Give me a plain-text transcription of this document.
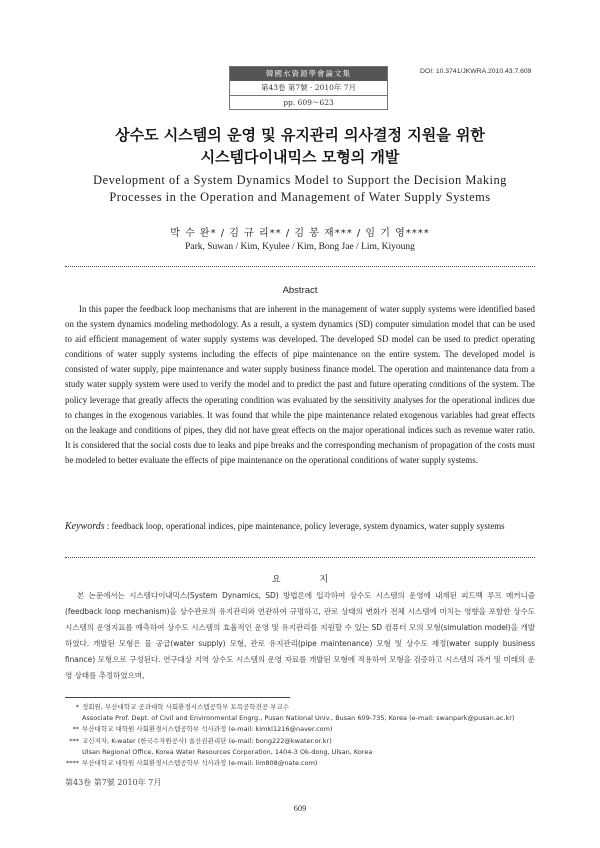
韓國水資源學會論文集
第43卷 第7號 · 2010年 7月
pp. 609～623
DOI: 10.3741/JKWRA.2010.43.7.609
상수도 시스템의 운영 및 유지관리 의사결정 지원을 위한
시스템다이내믹스 모형의 개발
Development of a System Dynamics Model to Support the Decision Making
Processes in the Operation and Management of Water Supply Systems
박 수 완* / 김 규 리** / 김 봉 재*** / 임 기 영****
Park, Suwan / Kim, Kyulee / Kim, Bong Jae / Lim, Kiyoung
Abstract

In this paper the feedback loop mechanisms that are inherent in the management of water supply systems were identified based on the system dynamics modeling methodology. As a result, a system dynamics (SD) computer simulation model that can be used to aid efficient management of water supply systems was developed. The developed SD model can be used to predict operating conditions of water supply systems including the effects of pipe maintenance on the entire system. The developed model is consisted of water supply, pipe maintenance and water supply business finance model. The operation and maintenance data from a study water supply system were used to verify the model and to predict the past and future operating conditions of the system. The policy leverage that greatly affects the operating condition was evaluated by the sensitivity analyses for the operational indices due to changes in the exogenous variables. It was found that while the pipe maintenance related exogenous variables had great effects on the leakage and conditions of pipes, they did not have great effects on the major operational indices such as revenue water ratio. It is considered that the social costs due to leaks and pipe breaks and the corresponding mechanism of propagation of the costs must be modeled to better evaluate the effects of pipe maintenance on the operational conditions of water supply systems.

Keywords : feedback loop, operational indices, pipe maintenance, policy leverage, system dynamics, water supply systems

요 지

본 논문에서는 시스템다이내믹스(System Dynamics, SD) 방법론에 입각하여 상수도 시스템의 운영에 내재된 피드백 루프 메커니즘(feedback loop mechanism)을 상수관로의 유지관리와 연관하여 규명하고, 관로 상태의 변화가 전체 시스템에 미치는 영향을 포함한 상수도 시스템의 운영지표를 예측하여 상수도 시스템의 효율적인 운영 및 유지관리를 지원할 수 있는 SD 컴퓨터 모의 모형(simulation model)을 개발하였다. 개발된 모형은 물 공급(water supply) 모형, 관로 유지관리(pipe maintenance) 모형 및 상수도 재정(water supply business finance) 모형으로 구성된다. 연구대상 지역 상수도 시스템의 운영 자료를 개발된 모형에 적용하여 모형을 검증하고 시스템의 과거 및 미래의 운영 상태를 추정하였으며,

* 정회원, 부산대학교 공과대학 사회환경시스템공학부 토목공학전공 부교수
Associate Prof. Dept. of Civil and Environmental Engrg., Pusan National Univ., Busan 609-735, Korea (e-mail: swanpark@pusan.ac.kr)
** 부산대학교 대학원 사회환경시스템공학부 석사과정 (e-mail: kimkl1216@naver.com)
*** 교신저자, K-water (한국수자원공사) 울산권관리단 (e-mail: bong222@kwater.or.kr)
Ulsan Regional Office, Korea Water Resources Corporation, 1404-3 Ok-dong, Ulsan, Korea
**** 부산대학교 대학원 사회환경시스템공학부 석사과정 (e-mail: lim808@nate.com)
第43卷 第7號 2010年 7月
609
